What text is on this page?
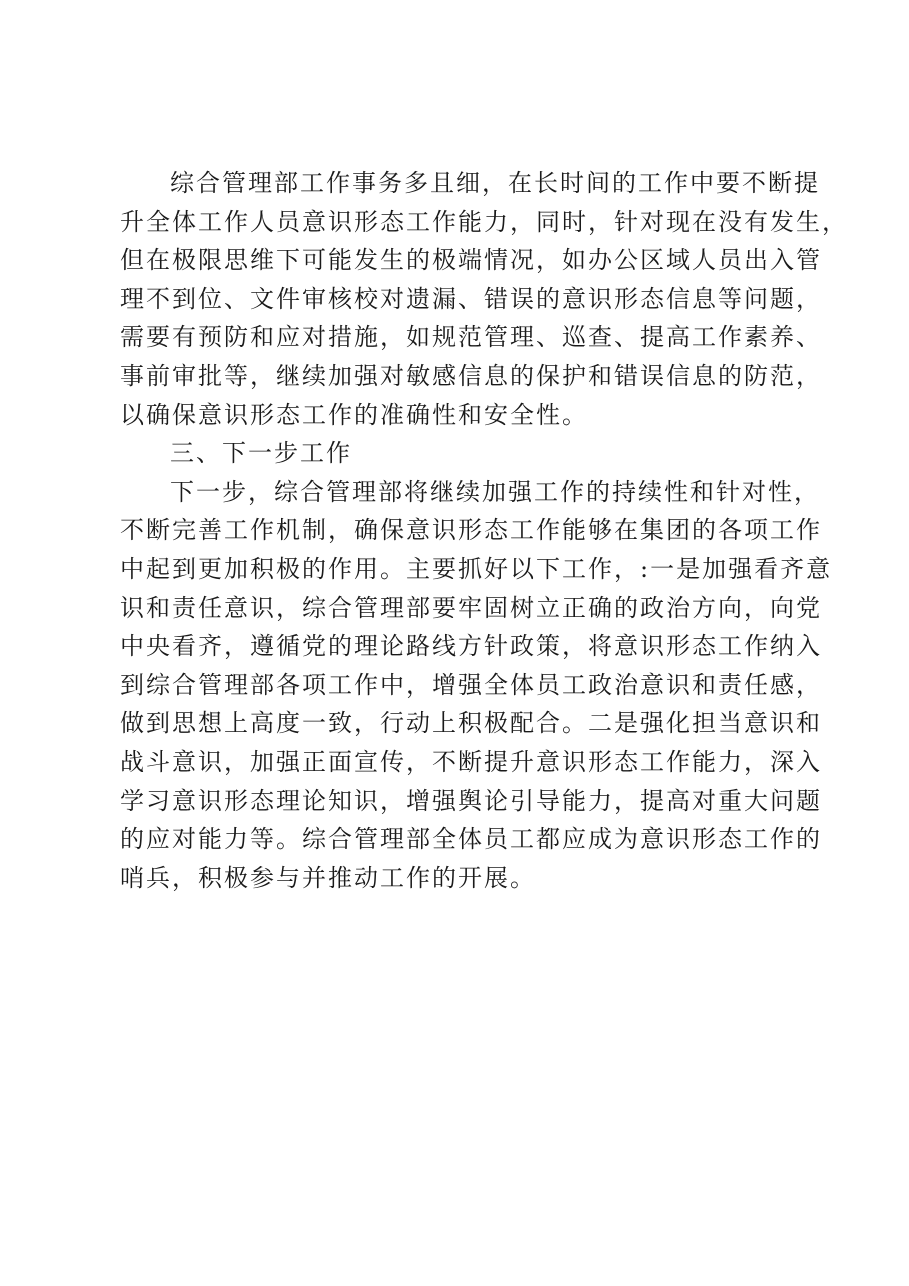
综合管理部工作事务多且细，在长时间的工作中要不断提
升全体工作人员意识形态工作能力，同时，针对现在没有发生，
但在极限思维下可能发生的极端情况，如办公区域人员出入管
理不到位、文件审核校对遗漏、错误的意识形态信息等问题，
需要有预防和应对措施，如规范管理、巡查、提高工作素养、
事前审批等，继续加强对敏感信息的保护和错误信息的防范，
以确保意识形态工作的准确性和安全性。
三、下一步工作
下一步，综合管理部将继续加强工作的持续性和针对性，
不断完善工作机制，确保意识形态工作能够在集团的各项工作
中起到更加积极的作用。主要抓好以下工作，:一是加强看齐意
识和责任意识，综合管理部要牢固树立正确的政治方向，向党
中央看齐，遵循党的理论路线方针政策，将意识形态工作纳入
到综合管理部各项工作中，增强全体员工政治意识和责任感，
做到思想上高度一致，行动上积极配合。二是强化担当意识和
战斗意识，加强正面宣传，不断提升意识形态工作能力，深入
学习意识形态理论知识，增强舆论引导能力，提高对重大问题
的应对能力等。综合管理部全体员工都应成为意识形态工作的
哨兵，积极参与并推动工作的开展。
